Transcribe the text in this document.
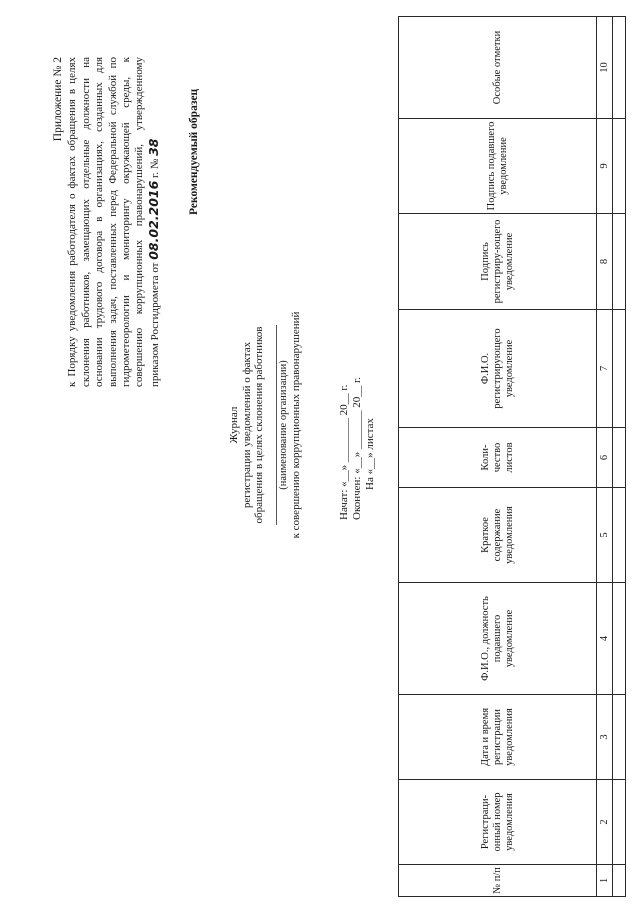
Приложение № 2 к Порядку уведомления работодателя о фактах обращения в целях склонения работников, замещающих отдельные должности на основании трудового договора в организациях, созданных для выполнения задач, поставленных перед Федеральной службой по гидрометеорологии и мониторингу окружающей среды, к совершению коррупционных правонарушений, утвержденному приказом Росгидромета от 08.02.2016 г. № 38 Рекомендуемый образец
Журнал регистрации уведомлений о фактах обращения в целях склонения работников (наименование организации) к совершению коррупционных правонарушений	Начат: «__» ________ 20__ г. Окончен: «__» _______ 20__ г. На «__» листах
№ п/п	Регистраци-онный номер уведомления	Дата и время регистрации уведомления	Ф.И.О., должность подавшего уведомление	Краткое содержание уведомления	Коли-чество листов	Ф.И.О. регистрирующего уведомление	Подпись регистриру-ющего уведомление	Подпись подавшего уведомление	Особые отметки
1	2	3	4	5	6	7	8	9	10
